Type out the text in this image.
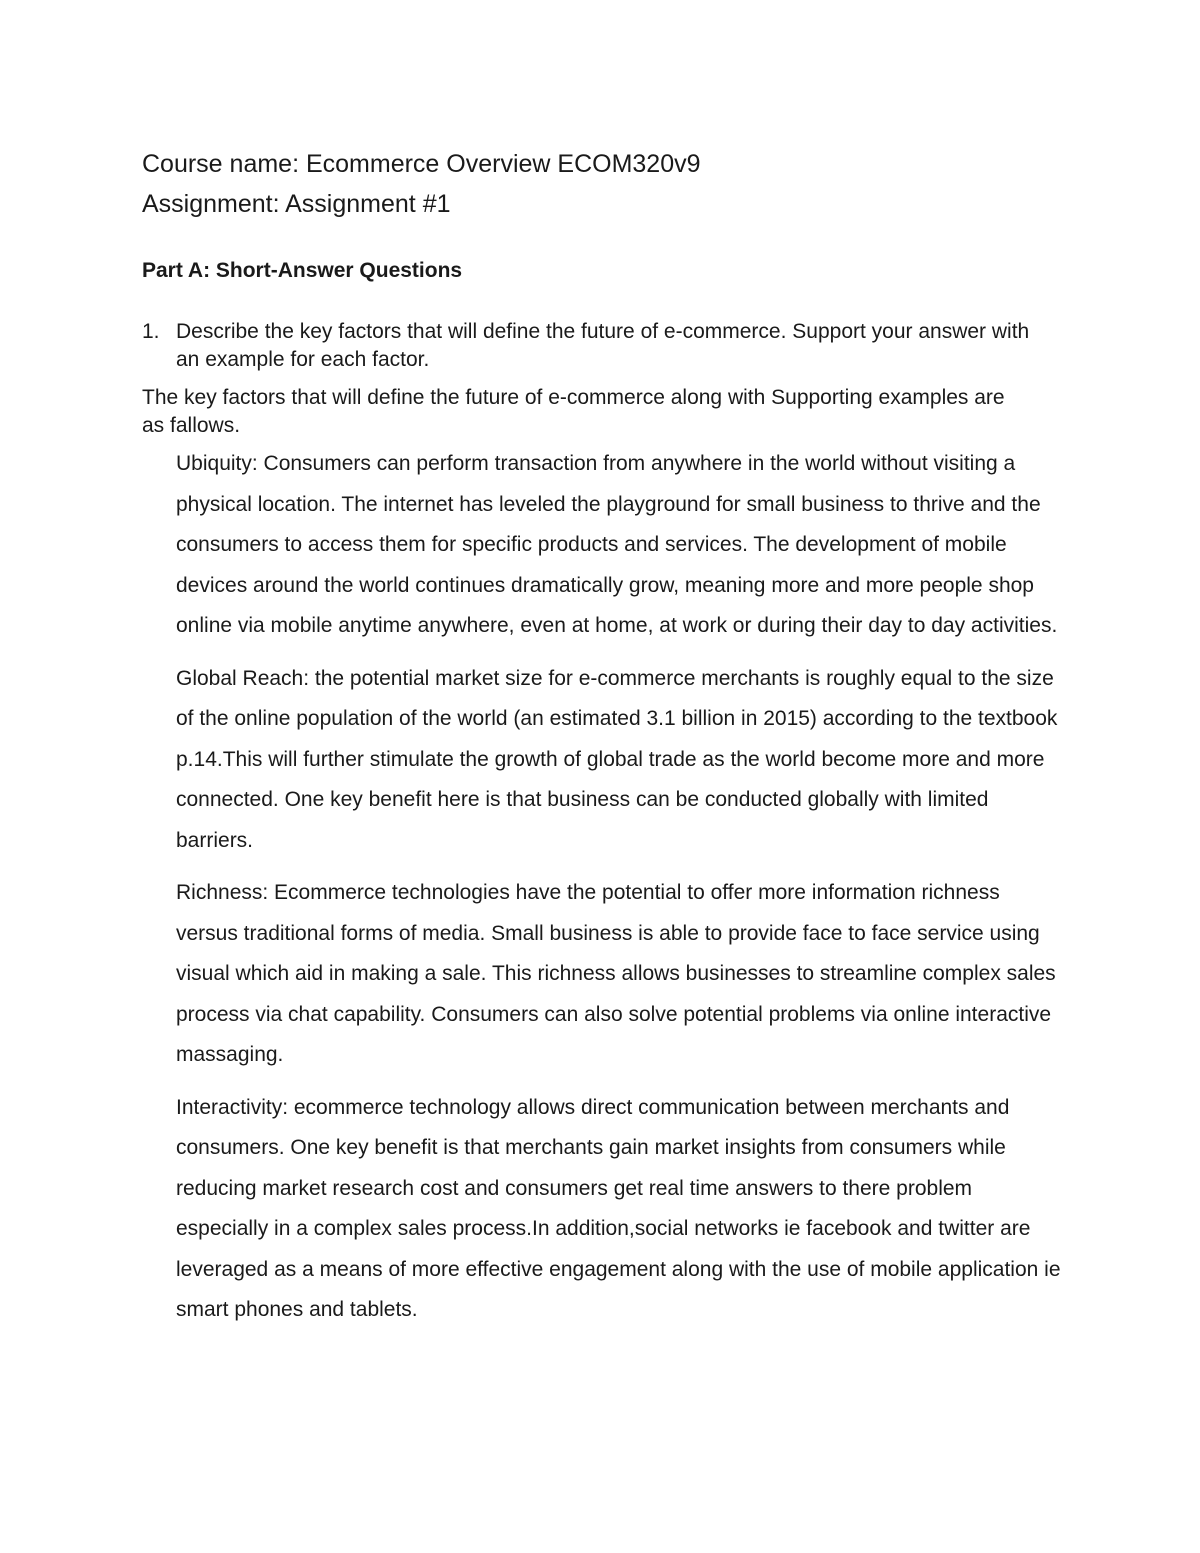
Course name: Ecommerce Overview ECOM320v9

Assignment: Assignment #1

Part A: Short-Answer Questions
1. Describe the key factors that will define the future of e-commerce. Support your answer with an example for each factor.

The key factors that will define the future of e-commerce along with Supporting examples are as fallows.

Ubiquity: Consumers can perform transaction from anywhere in the world without visiting a physical location. The internet has leveled the playground for small business to thrive and the consumers to access them for specific products and services. The development of mobile devices around the world continues dramatically grow, meaning more and more people shop online via mobile anytime anywhere, even at home, at work or during their day to day activities.

Global Reach: the potential market size for e-commerce merchants is roughly equal to the size of the online population of the world (an estimated 3.1 billion in 2015) according to the textbook p.14.This will further stimulate the growth of global trade as the world become more and more connected. One key benefit here is that business can be conducted globally with limited barriers.

Richness: Ecommerce technologies have the potential to offer more information richness versus traditional forms of media. Small business is able to provide face to face service using visual which aid in making a sale. This richness allows businesses to streamline complex sales process via chat capability. Consumers can also solve potential problems via online interactive massaging.

Interactivity: ecommerce technology allows direct communication between merchants and consumers. One key benefit is that merchants gain market insights from consumers while reducing market research cost and consumers get real time answers to there problem especially in a complex sales process.In addition,social networks ie facebook and twitter are leveraged as a means of more effective engagement along with the use of mobile application ie smart phones and tablets.
